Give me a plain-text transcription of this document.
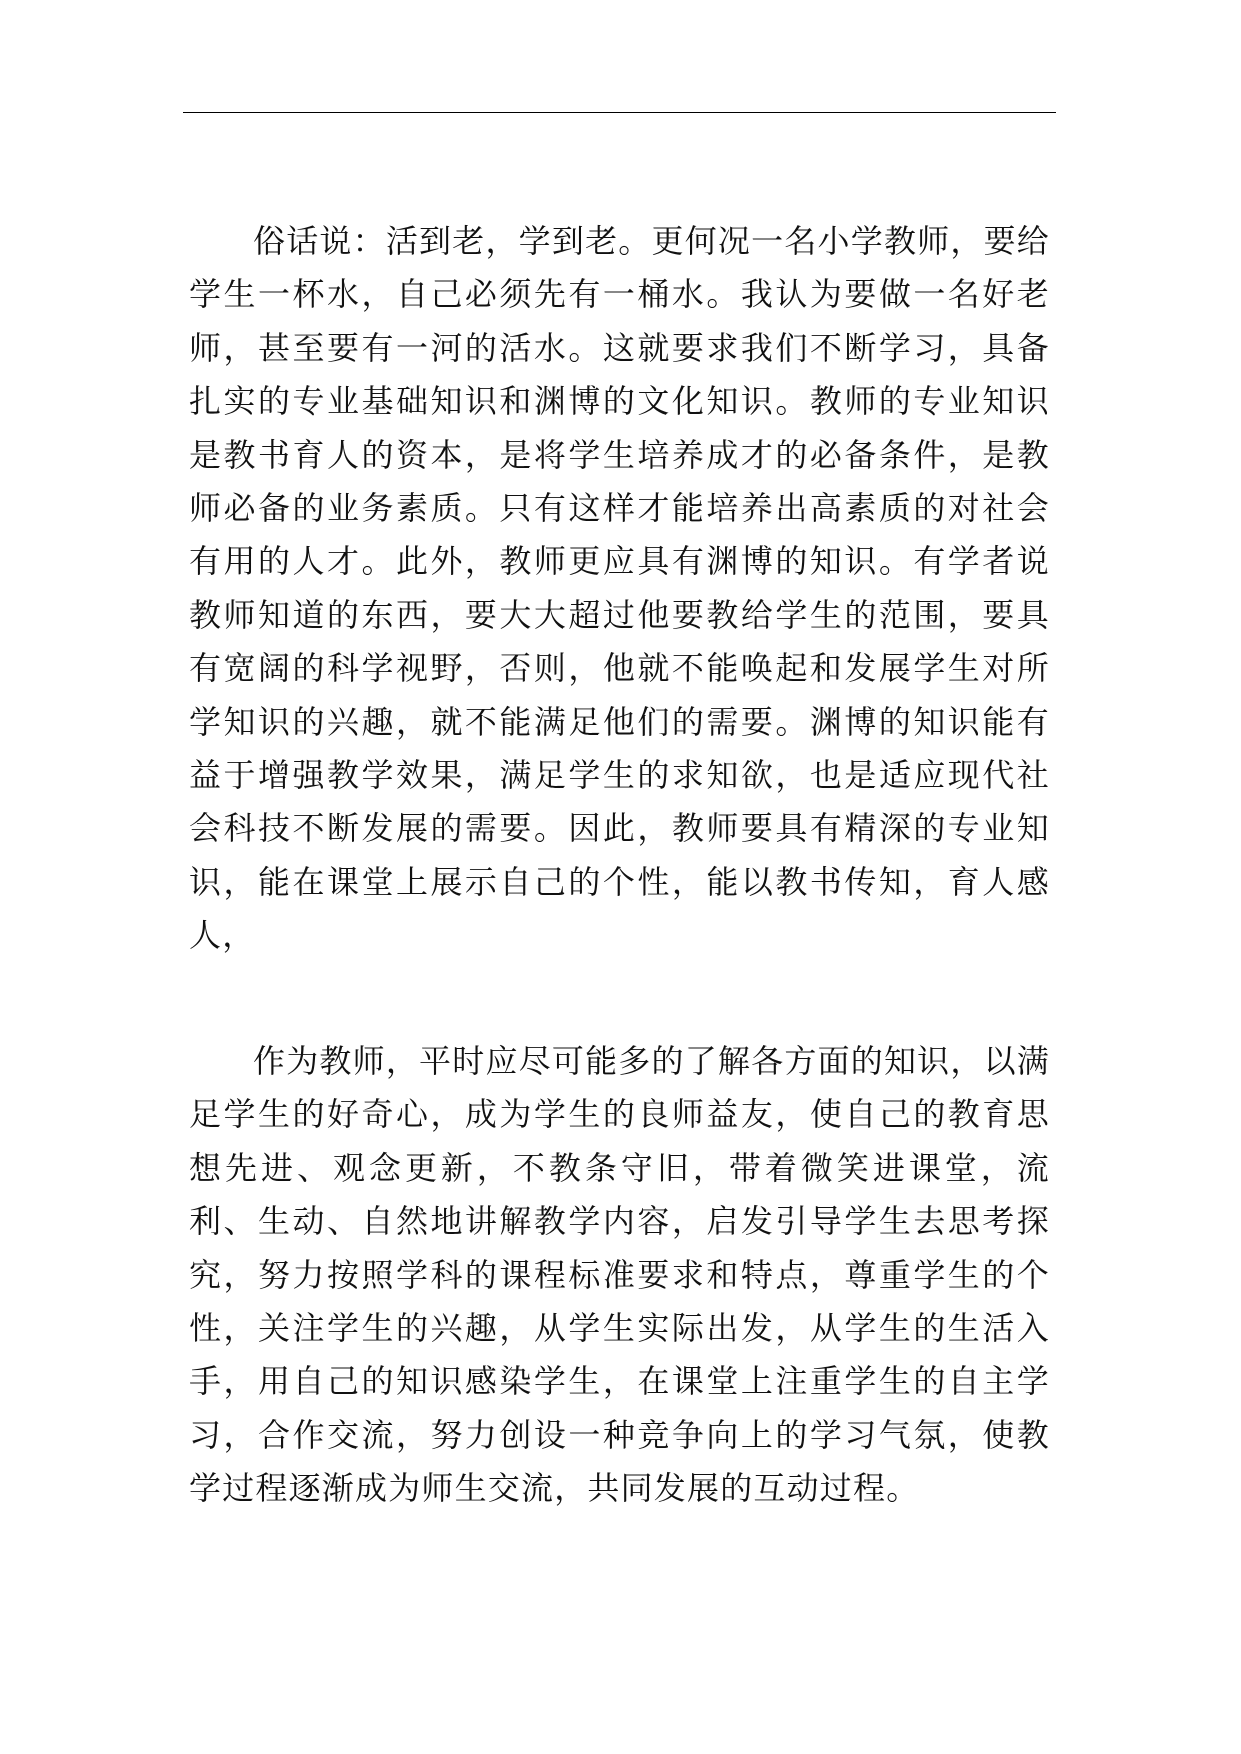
俗话说：活到老，学到老。更何况一名小学教师，要给学生一杯水，自己必须先有一桶水。我认为要做一名好老师，甚至要有一河的活水。这就要求我们不断学习，具备扎实的专业基础知识和渊博的文化知识。教师的专业知识是教书育人的资本，是将学生培养成才的必备条件，是教师必备的业务素质。只有这样才能培养出高素质的对社会有用的人才。此外，教师更应具有渊博的知识。有学者说教师知道的东西，要大大超过他要教给学生的范围，要具有宽阔的科学视野，否则，他就不能唤起和发展学生对所学知识的兴趣，就不能满足他们的需要。渊博的知识能有益于增强教学效果，满足学生的求知欲，也是适应现代社会科技不断发展的需要。因此，教师要具有精深的专业知识，能在课堂上展示自己的个性，能以教书传知，育人感人，

作为教师，平时应尽可能多的了解各方面的知识，以满足学生的好奇心，成为学生的良师益友，使自己的教育思想先进、观念更新，不教条守旧，带着微笑进课堂，流利、生动、自然地讲解教学内容，启发引导学生去思考探究，努力按照学科的课程标准要求和特点，尊重学生的个性，关注学生的兴趣，从学生实际出发，从学生的生活入手，用自己的知识感染学生，在课堂上注重学生的自主学习，合作交流，努力创设一种竞争向上的学习气氛，使教学过程逐渐成为师生交流，共同发展的互动过程。
